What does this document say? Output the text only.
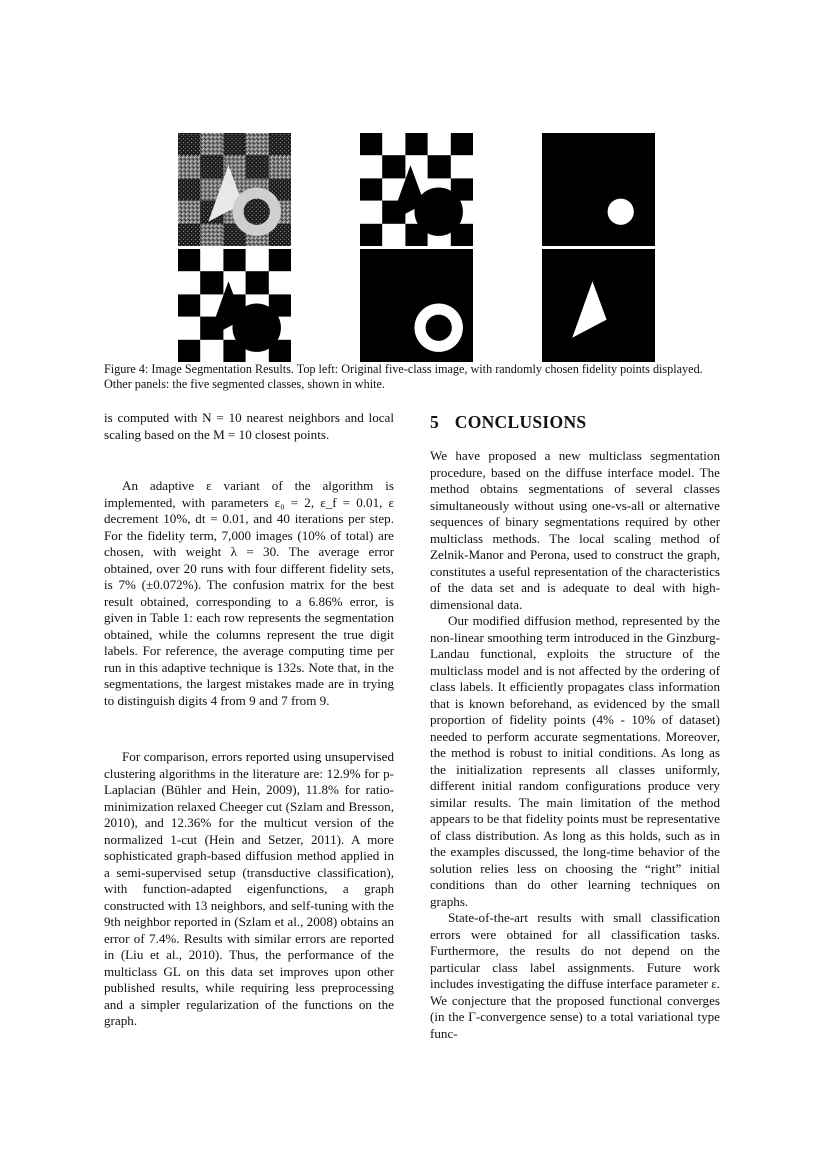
Figure 4: Image Segmentation Results. Top left: Original five-class image, with randomly chosen fidelity points displayed. Other panels: the five segmented classes, shown in white.

is computed with N = 10 nearest neighbors and local scaling based on the M = 10 closest points.

An adaptive ε variant of the algorithm is implemented, with parameters ε₀ = 2, ε_f = 0.01, ε decrement 10%, dt = 0.01, and 40 iterations per step. For the fidelity term, 7,000 images (10% of total) are chosen, with weight λ = 30. The average error obtained, over 20 runs with four different fidelity sets, is 7% (±0.072%). The confusion matrix for the best result obtained, corresponding to a 6.86% error, is given in Table 1: each row represents the segmentation obtained, while the columns represent the true digit labels. For reference, the average computing time per run in this adaptive technique is 132s. Note that, in the segmentations, the largest mistakes made are in trying to distinguish digits 4 from 9 and 7 from 9.

For comparison, errors reported using unsupervised clustering algorithms in the literature are: 12.9% for p-Laplacian (Bühler and Hein, 2009), 11.8% for ratio-minimization relaxed Cheeger cut (Szlam and Bresson, 2010), and 12.36% for the multicut version of the normalized 1-cut (Hein and Setzer, 2011). A more sophisticated graph-based diffusion method applied in a semi-supervised setup (transductive classification), with function-adapted eigenfunctions, a graph constructed with 13 neighbors, and self-tuning with the 9th neighbor reported in (Szlam et al., 2008) obtains an error of 7.4%. Results with similar errors are reported in (Liu et al., 2010). Thus, the performance of the multiclass GL on this data set improves upon other published results, while requiring less preprocessing and a simpler regularization of the functions on the graph.

5 CONCLUSIONS

We have proposed a new multiclass segmentation procedure, based on the diffuse interface model. The method obtains segmentations of several classes simultaneously without using one-vs-all or alternative sequences of binary segmentations required by other multiclass methods. The local scaling method of Zelnik-Manor and Perona, used to construct the graph, constitutes a useful representation of the characteristics of the data set and is adequate to deal with high-dimensional data.

Our modified diffusion method, represented by the non-linear smoothing term introduced in the Ginzburg-Landau functional, exploits the structure of the multiclass model and is not affected by the ordering of class labels. It efficiently propagates class information that is known beforehand, as evidenced by the small proportion of fidelity points (4% - 10% of dataset) needed to perform accurate segmentations. Moreover, the method is robust to initial conditions. As long as the initialization represents all classes uniformly, different initial random configurations produce very similar results. The main limitation of the method appears to be that fidelity points must be representative of class distribution. As long as this holds, such as in the examples discussed, the long-time behavior of the solution relies less on choosing the “right” initial conditions than do other learning techniques on graphs.

State-of-the-art results with small classification errors were obtained for all classification tasks. Furthermore, the results do not depend on the particular class label assignments. Future work includes investigating the diffuse interface parameter ε. We conjecture that the proposed functional converges (in the Γ-convergence sense) to a total variational type func-
